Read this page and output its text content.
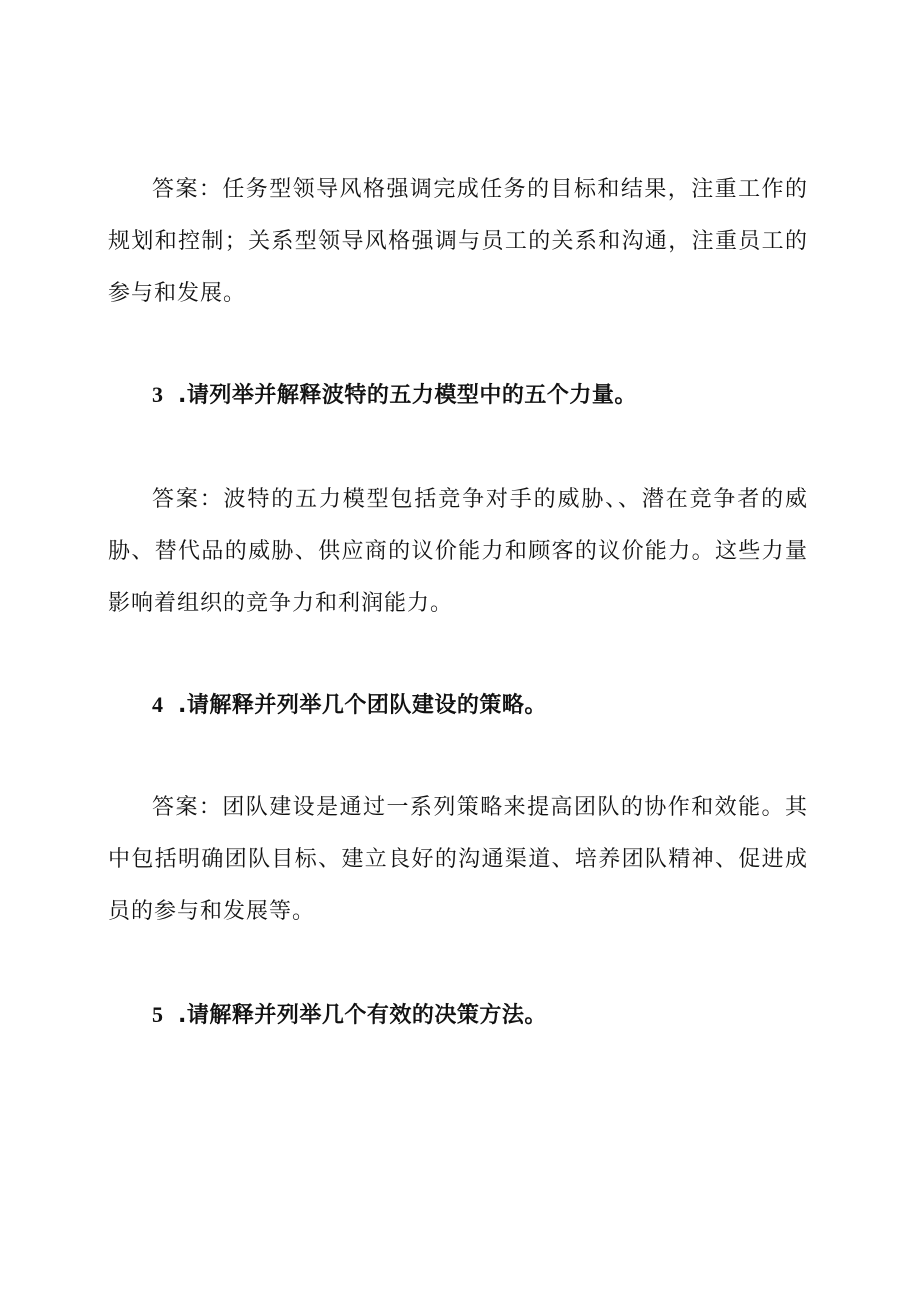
答案：任务型领导风格强调完成任务的目标和结果，注重工作的规划和控制；关系型领导风格强调与员工的关系和沟通，注重员工的参与和发展。

3 .请列举并解释波特的五力模型中的五个力量。

答案：波特的五力模型包括竞争对手的威胁、、潜在竞争者的威胁、替代品的威胁、供应商的议价能力和顾客的议价能力。这些力量影响着组织的竞争力和利润能力。

4 .请解释并列举几个团队建设的策略。

答案：团队建设是通过一系列策略来提高团队的协作和效能。其中包括明确团队目标、建立良好的沟通渠道、培养团队精神、促进成员的参与和发展等。

5 .请解释并列举几个有效的决策方法。
